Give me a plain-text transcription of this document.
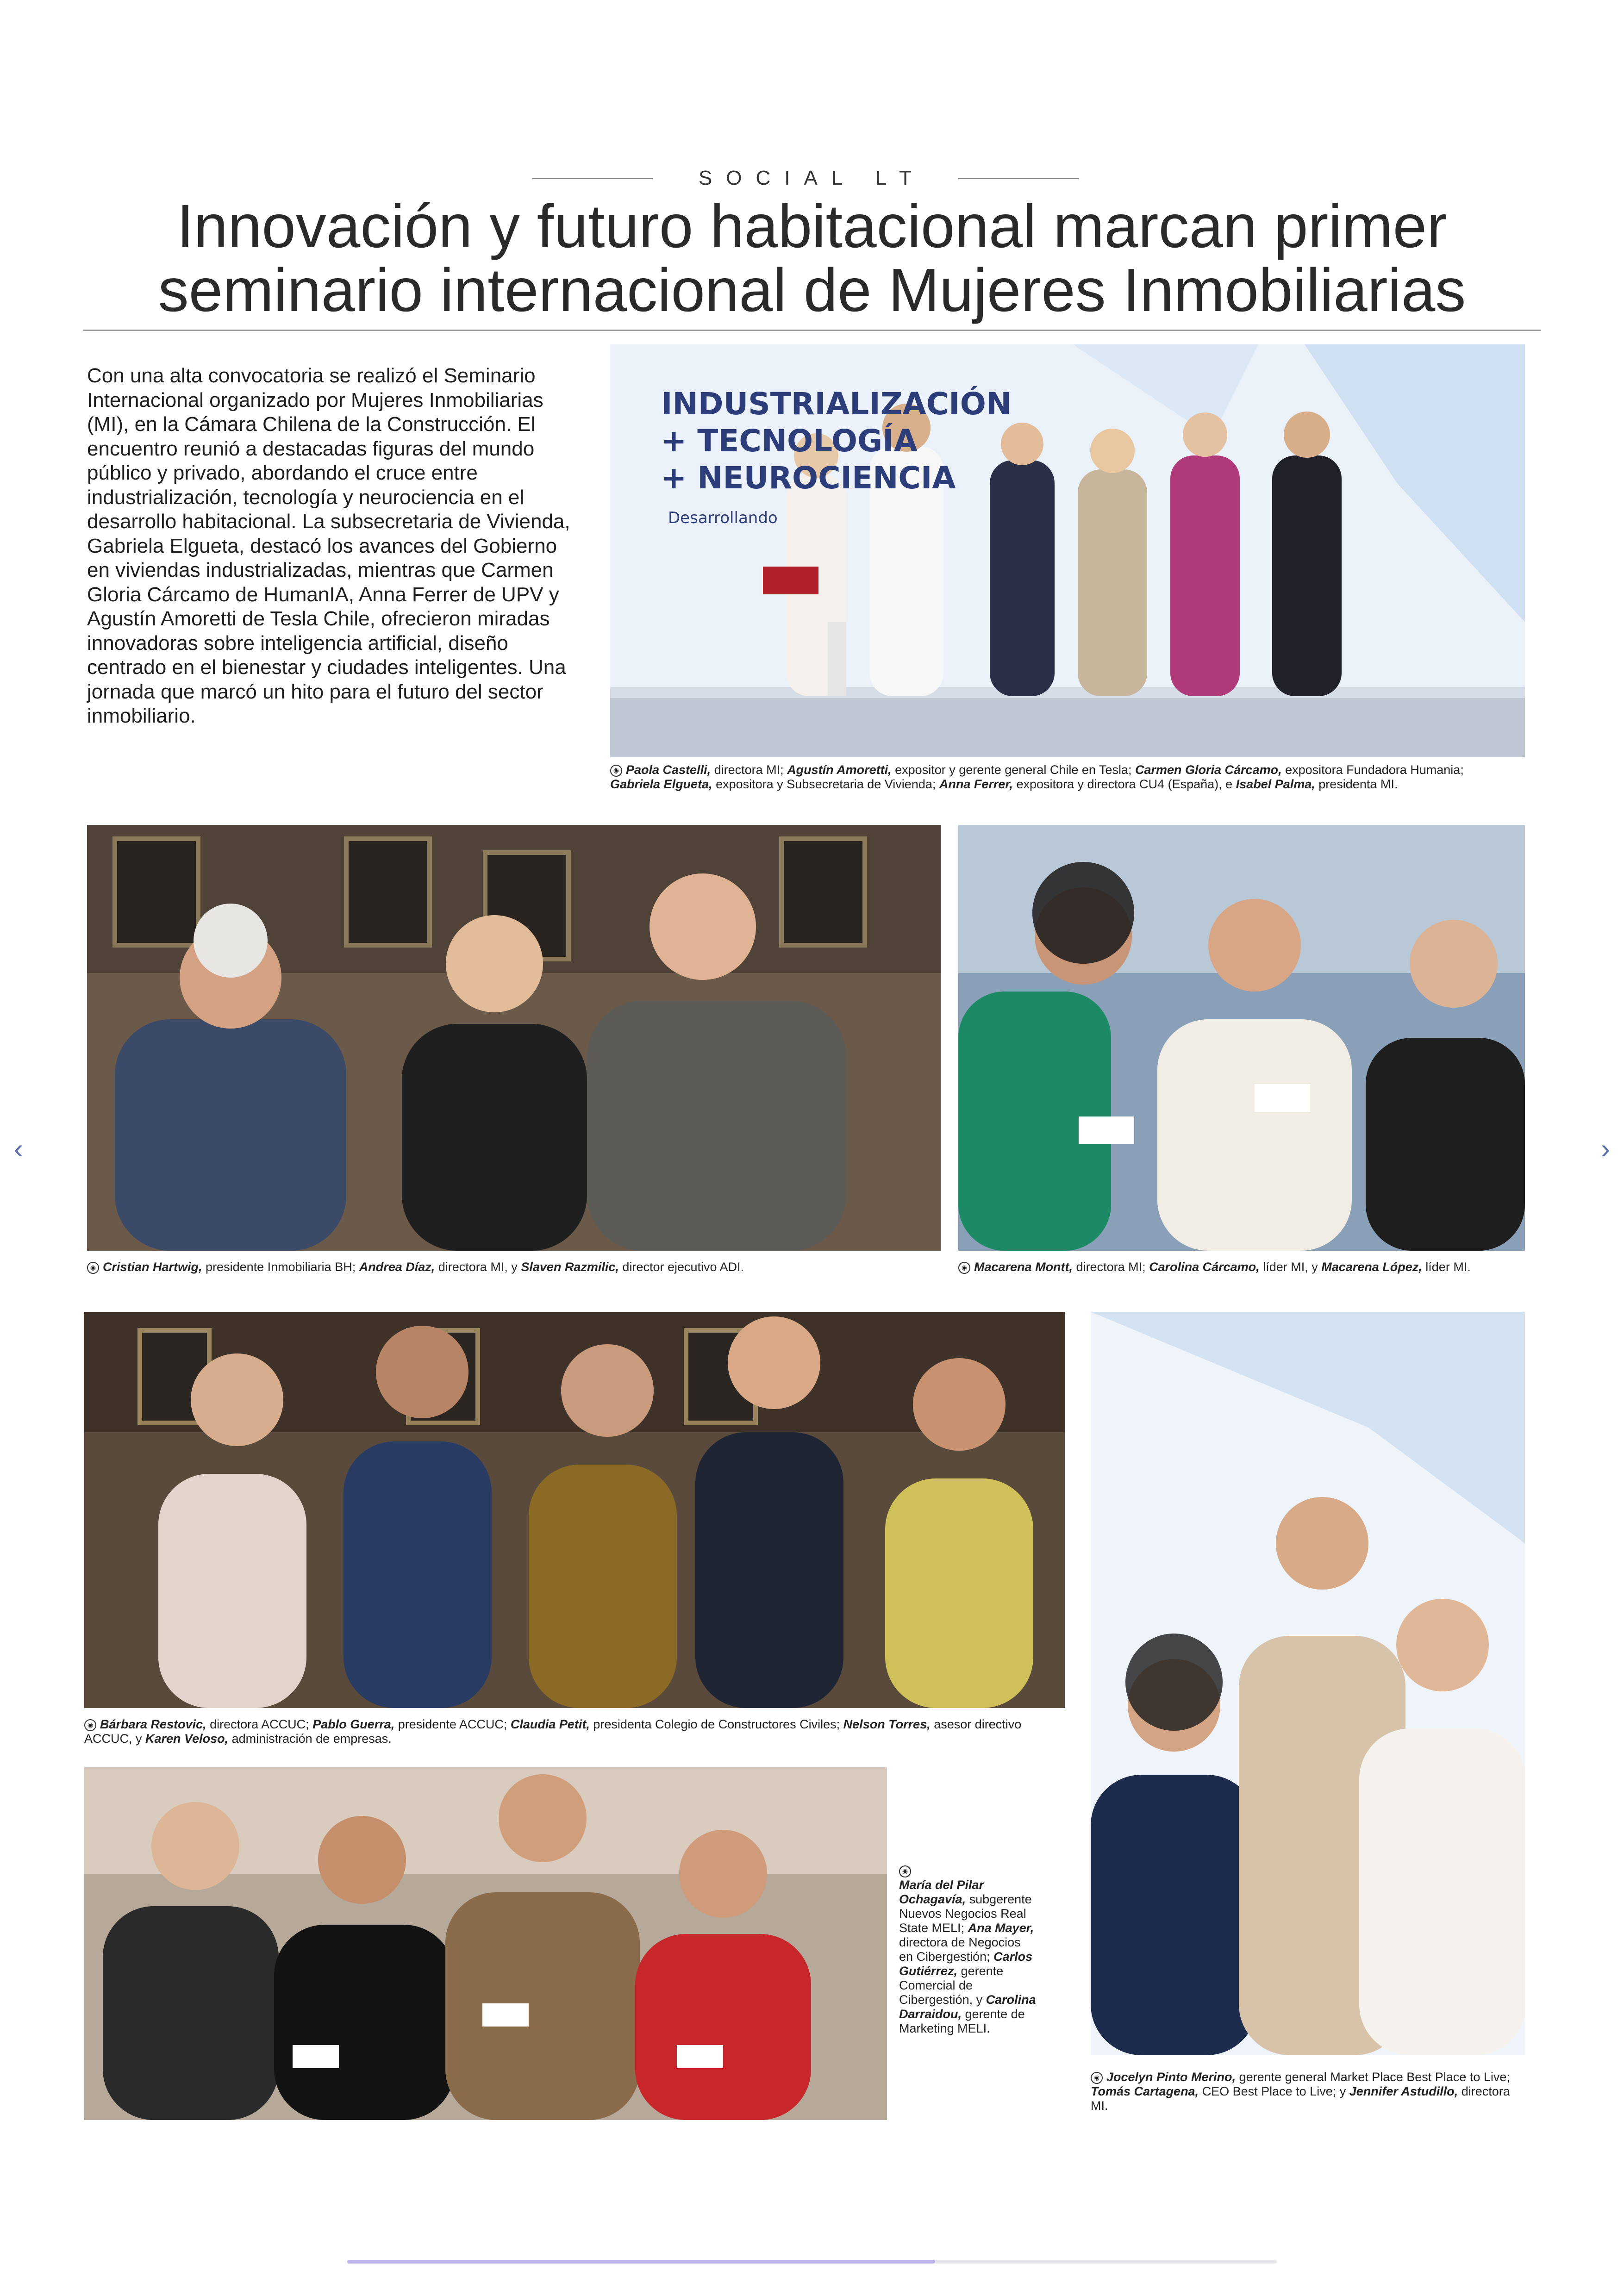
SOCIAL LT
Innovación y futuro habitacional marcan primer
seminario internacional de Mujeres Inmobiliarias

Con una alta convocatoria se realizó el Seminario Internacional organizado por Mujeres Inmobiliarias (MI), en la Cámara Chilena de la Construcción. El encuentro reunió a destacadas figuras del mundo público y privado, abordando el cruce entre industrialización, tecnología y neurociencia en el desarrollo habitacional. La subsecretaria de Vivienda, Gabriela Elgueta, destacó los avances del Gobierno en viviendas industrializadas, mientras que Carmen Gloria Cárcamo de HumanIA, Anna Ferrer de UPV y Agustín Amoretti de Tesla Chile, ofrecieron miradas innovadoras sobre inteligencia artificial, diseño centrado en el bienestar y ciudades inteligentes. Una jornada que marcó un hito para el futuro del sector inmobiliario.

INDUSTRIALIZACIÓN
+ TECNOLOGÍA
+ NEUROCIENCIA
Desarrollando
◉ Paola Castelli, directora MI; Agustín Amoretti, expositor y gerente general Chile en Tesla; Carmen Gloria Cárcamo, expositora Fundadora Humania; Gabriela Elgueta, expositora y Subsecretaria de Vivienda; Anna Ferrer, expositora y directora CU4 (España), e Isabel Palma, presidenta MI.
◉ Cristian Hartwig, presidente Inmobiliaria BH; Andrea Díaz, directora MI, y Slaven Razmilic, director ejecutivo ADI.	◉ Macarena Montt, directora MI; Carolina Cárcamo, líder MI, y Macarena López, líder MI.
◉ Bárbara Restovic, directora ACCUC; Pablo Guerra, presidente ACCUC; Claudia Petit, presidenta Colegio de Constructores Civiles; Nelson Torres, asesor directivo ACCUC, y Karen Veloso, administración de empresas.
◉
María del Pilar Ochagavía, subgerente Nuevos Negocios Real State MELI; Ana Mayer, directora de Negocios en Cibergestión; Carlos Gutiérrez, gerente Comercial de Cibergestión, y Carolina Darraidou, gerente de Marketing MELI.
◉ Jocelyn Pinto Merino, gerente general Market Place Best Place to Live; Tomás Cartagena, CEO Best Place to Live; y Jennifer Astudillo, directora MI.
‹	›
